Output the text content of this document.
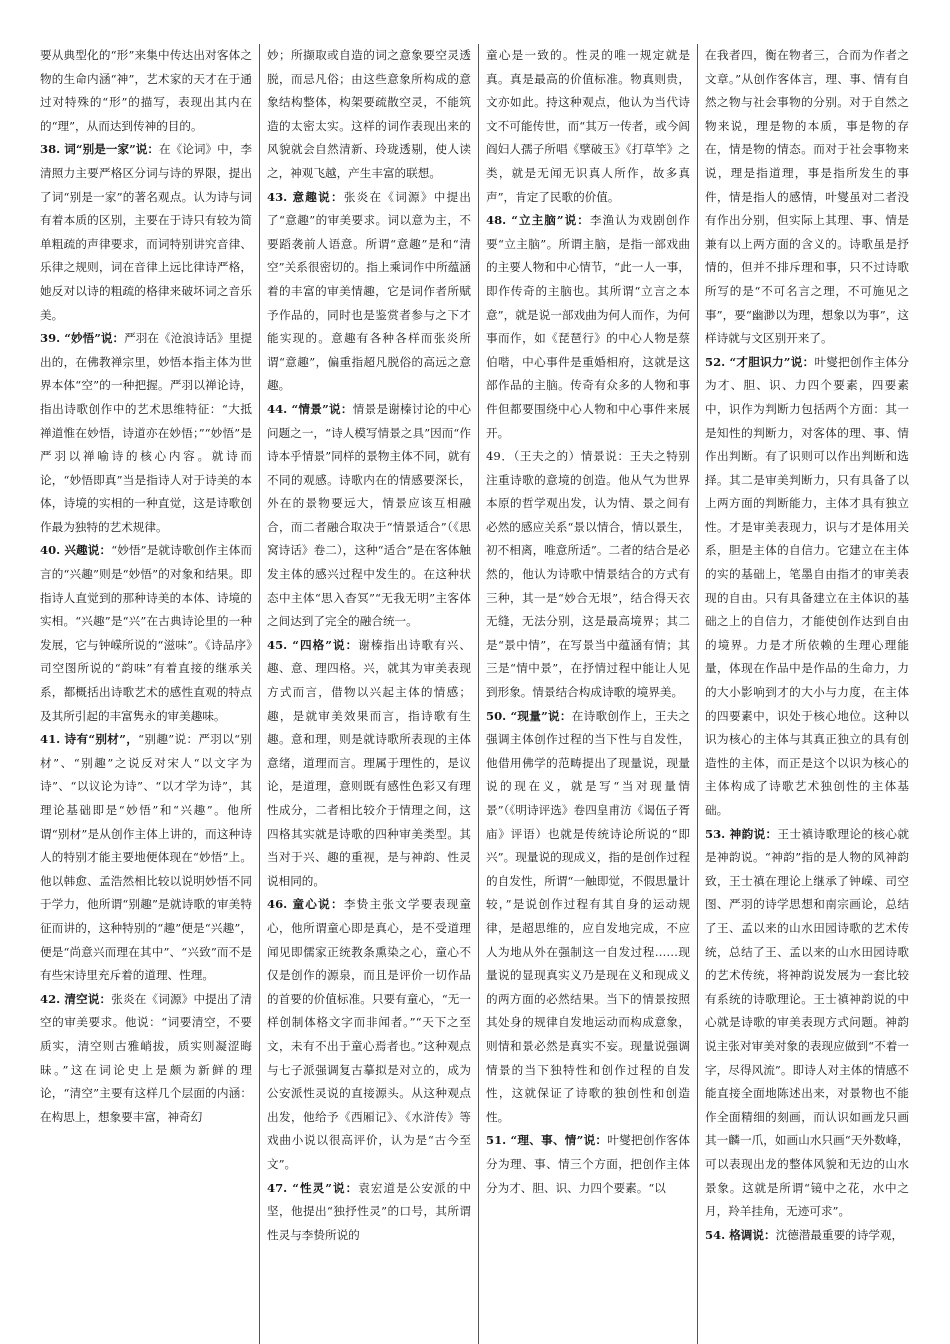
要从典型化的“形”来集中传达出对客体之物的生命内涵“神”，艺术家的天才在于通过对特殊的“形”的描写，表现出其内在的“理”，从而达到传神的目的。

38. 词“别是一家”说：在《论词》中，李清照力主要严格区分词与诗的界限，提出了词“别是一家”的著名观点。认为诗与词有着本质的区别，主要在于诗只有较为简单粗疏的声律要求，而词特别讲究音律、乐律之规则，词在音律上远比律诗严格，她反对以诗的粗疏的格律来破坏词之音乐美。

39. “妙悟”说：严羽在《沧浪诗话》里提出的，在佛教禅宗里，妙悟本指主体为世界本体“空”的一种把握。严羽以禅论诗，指出诗歌创作中的艺术思维特征：“大抵禅道惟在妙悟，诗道亦在妙悟；”“妙悟”是严羽以禅喻诗的核心内容。就诗而论，“妙悟即真”当是指诗人对于诗美的本体，诗境的实相的一种直觉，这是诗歌创作最为独特的艺术规律。

40. 兴趣说：“妙悟”是就诗歌创作主体而言的“兴趣”则是“妙悟”的对象和结果。即指诗人直觉到的那种诗美的本体、诗境的实相。“兴趣”是“兴”在古典诗论里的一种发展，它与钟嵘所说的“滋味”。《诗品序》司空图所说的“韵味”有着直接的继承关系，都概括出诗歌艺术的感性直观的特点及其所引起的丰富隽永的审美趣味。

41. 诗有“别材”，“别趣”说：严羽以“别材”、“别趣”之说反对宋人“以文字为诗”、“以议论为诗”、“以才学为诗”，其理论基础即是“妙悟”和“兴趣”。他所谓“别材”是从创作主体上讲的，而这种诗人的特别才能主要地便体现在“妙悟”上。他以韩愈、孟浩然相比较以说明妙悟不同于学力，他所谓“别趣”是就诗歌的审美特征而讲的，这种特别的“趣”便是“兴趣”，便是“尚意兴而理在其中”、“兴致”而不是有些宋诗里充斥着的道理、性理。

42. 清空说：张炎在《词源》中提出了清空的审美要求。他说：“词要清空，不要质实，清空则古雅峭拔，质实则凝涩晦昧。”这在词论史上是颇为新鲜的理论，“清空”主要有这样几个层面的内涵：在构思上，想象要丰富，神奇幻

妙；所撷取或自造的词之意象要空灵透脱，而忌凡俗；由这些意象所构成的意象结构整体，构架要疏散空灵，不能筑造的太密太实。这样的词作表现出来的风貌就会自然清新、玲珑透剔，使人读之，神观飞越，产生丰富的联想。

43. 意趣说：张炎在《词源》中提出了“意趣”的审美要求。词以意为主，不要蹈袭前人语意。所谓“意趣”是和“清空”关系很密切的。指上乘词作中所蕴涵着的丰富的审美情趣，它是词作者所赋予作品的，同时也是鉴赏者参与之下才能实现的。意趣有各种各样而张炎所谓“意趣”，偏重指超凡脱俗的高远之意趣。

44. “情景”说：情景是谢榛讨论的中心问题之一，“诗人模写情景之具”因而“作诗本乎情景”同样的景物主体不同，就有不同的观感。诗歌内在的情感要深长，外在的景物要远大，情景应该互相融合，而二者融合取决于“情景适合”（《思窝诗话》卷二），这种“适合”是在客体触发主体的感兴过程中发生的。在这种状态中主体“思入杳冥”“无我无明”主客体之间达到了完全的融合统一。

45. “四格”说：谢榛指出诗歌有兴、趣、意、理四格。兴，就其为审美表现方式而言，借物以兴起主体的情感；趣，是就审美效果而言，指诗歌有生趣。意和理，则是就诗歌所表现的主体意绪，道理而言。理属于理性的，是议论，是道理，意则既有感性色彩又有理性成分，二者相比较介于情理之间，这四格其实就是诗歌的四种审美类型。其当对于兴、趣的重视，是与神韵、性灵说相同的。

46. 童心说：李贽主张文学要表现童心，他所谓童心即是真心，是不受道理闻见即儒家正统教条熏染之心，童心不仅是创作的源泉，而且是评价一切作品的首要的价值标准。只要有童心，“无一样创制体格文字而非闻者。”“天下之至文，未有不出于童心焉者也。”这种观点与七子派强调复古摹拟是对立的，成为公安派性灵说的直接源头。从这种观点出发，他给予《西厢记》、《水浒传》等戏曲小说以很高评价，认为是“古今至文”。

47. “性灵”说：袁宏道是公安派的中坚，他提出“独抒性灵”的口号，其所谓性灵与李贽所说的

童心是一致的。性灵的唯一规定就是真。真是最高的价值标准。物真则贵，文亦如此。持这种观点，他认为当代诗文不可能传世，而“其万一传者，或今闾阎妇人孺子所唱《擘破玉》《打草竿》之类，就是无闻无识真人所作，故多真声”，肯定了民歌的价值。

48. “立主脑”说：李渔认为戏剧创作要“立主脑”。所谓主脑，是指一部戏曲的主要人物和中心情节，“此一人一事，即作传奇的主脑也。其所谓“立言之本意”，就是说一部戏曲为何人而作，为何事而作，如《琵琶行》的中心人物是蔡伯喈，中心事件是重婚相府，这就是这部作品的主脑。传奇有众多的人物和事件但都要围绕中心人物和中心事件来展开。

49．（王夫之的）情景说：王夫之特别注重诗歌的意境的创造。他从气为世界本原的哲学观出发，认为情、景之间有必然的感应关系“景以情合，情以景生，初不相离，唯意所适”。二者的结合是必然的，他认为诗歌中情景结合的方式有三种，其一是“妙合无垠”，结合得天衣无缝，无法分别，这是最高境界；其二是“景中情”，在写景当中蕴涵有情；其三是“情中景”，在抒情过程中能让人见到形象。情景结合构成诗歌的境界美。

50. “现量”说：在诗歌创作上，王夫之强调主体创作过程的当下性与自发性，他借用佛学的范畴提出了现量说，现量说的现在义，就是写“当对现量情景”（《明诗评选》卷四皇甫汸《谒伍子胥庙》评语）也就是传统诗论所说的“即兴”。现量说的现成义，指的是创作过程的自发性，所谓“一触即觉，不假思量计较，”是说创作过程有其自身的运动规律，是超思维的，应自发地完成，不应人为地从外在强制这一自发过程……现量说的显现真实义乃是现在义和现成义的两方面的必然结果。当下的情景按照其处身的规律自发地运动而构成意象，则情和景必然是真实不妄。现量说强调情景的当下独特性和创作过程的自发性，这就保证了诗歌的独创性和创造性。

51. “理、事、情”说：叶燮把创作客体分为理、事、情三个方面，把创作主体分为才、胆、识、力四个要素。“以

在我者四，衡在物者三，合而为作者之文章。”从创作客体言，理、事、情有自然之物与社会事物的分别。对于自然之物来说，理是物的本质，事是物的存在，情是物的情态。而对于社会事物来说，理是指道理，事是指所发生的事件，情是指人的感情，叶燮虽对二者没有作出分别，但实际上其理、事、情是兼有以上两方面的含义的。诗歌虽是抒情的，但并不排斥理和事，只不过诗歌所写的是“不可名言之理，不可施见之事”，要“幽渺以为理，想象以为事”，这样诗就与文区别开来了。

52. “才胆识力”说：叶燮把创作主体分为才、胆、识、力四个要素，四要素中，识作为判断力包括两个方面：其一是知性的判断力，对客体的理、事、情作出判断。有了识则可以作出判断和选择。其二是审美判断力，只有具备了以上两方面的判断能力，主体才具有独立性。才是审美表现力，识与才是体用关系，胆是主体的自信力。它建立在主体的实的基础上，笔墨自由指才的审美表现的自由。只有具备建立在主体识的基础之上的自信力，才能使创作达到自由的境界。力是才所依赖的生理心理能量，体现在作品中是作品的生命力，力的大小影响到才的大小与力度，在主体的四要素中，识处于核心地位。这种以识为核心的主体与其真正独立的具有创造性的主体，而正是这个以识为核心的主体构成了诗歌艺术独创性的主体基础。

53. 神韵说：王士禛诗歌理论的核心就是神韵说。“神韵”指的是人物的风神韵致，王士禛在理论上继承了钟嵘、司空图、严羽的诗学思想和南宗画论，总结了王、孟以来的山水田园诗歌的艺术传统，总结了王、孟以来的山水田园诗歌的艺术传统，将神韵说发展为一套比较有系统的诗歌理论。王士禛神韵说的中心就是诗歌的审美表现方式问题。神韵说主张对审美对象的表现应做到“不着一字，尽得风流”。即诗人对主体的情感不能直接全面地陈述出来，对景物也不能作全面精细的刻画，而认识如画龙只画其一麟一爪，如画山水只画“天外数峰，可以表现出龙的整体风貌和无边的山水景象。这就是所谓“镜中之花，水中之月，羚羊挂角，无迹可求”。

54. 格调说：沈德潜最重要的诗学观，
